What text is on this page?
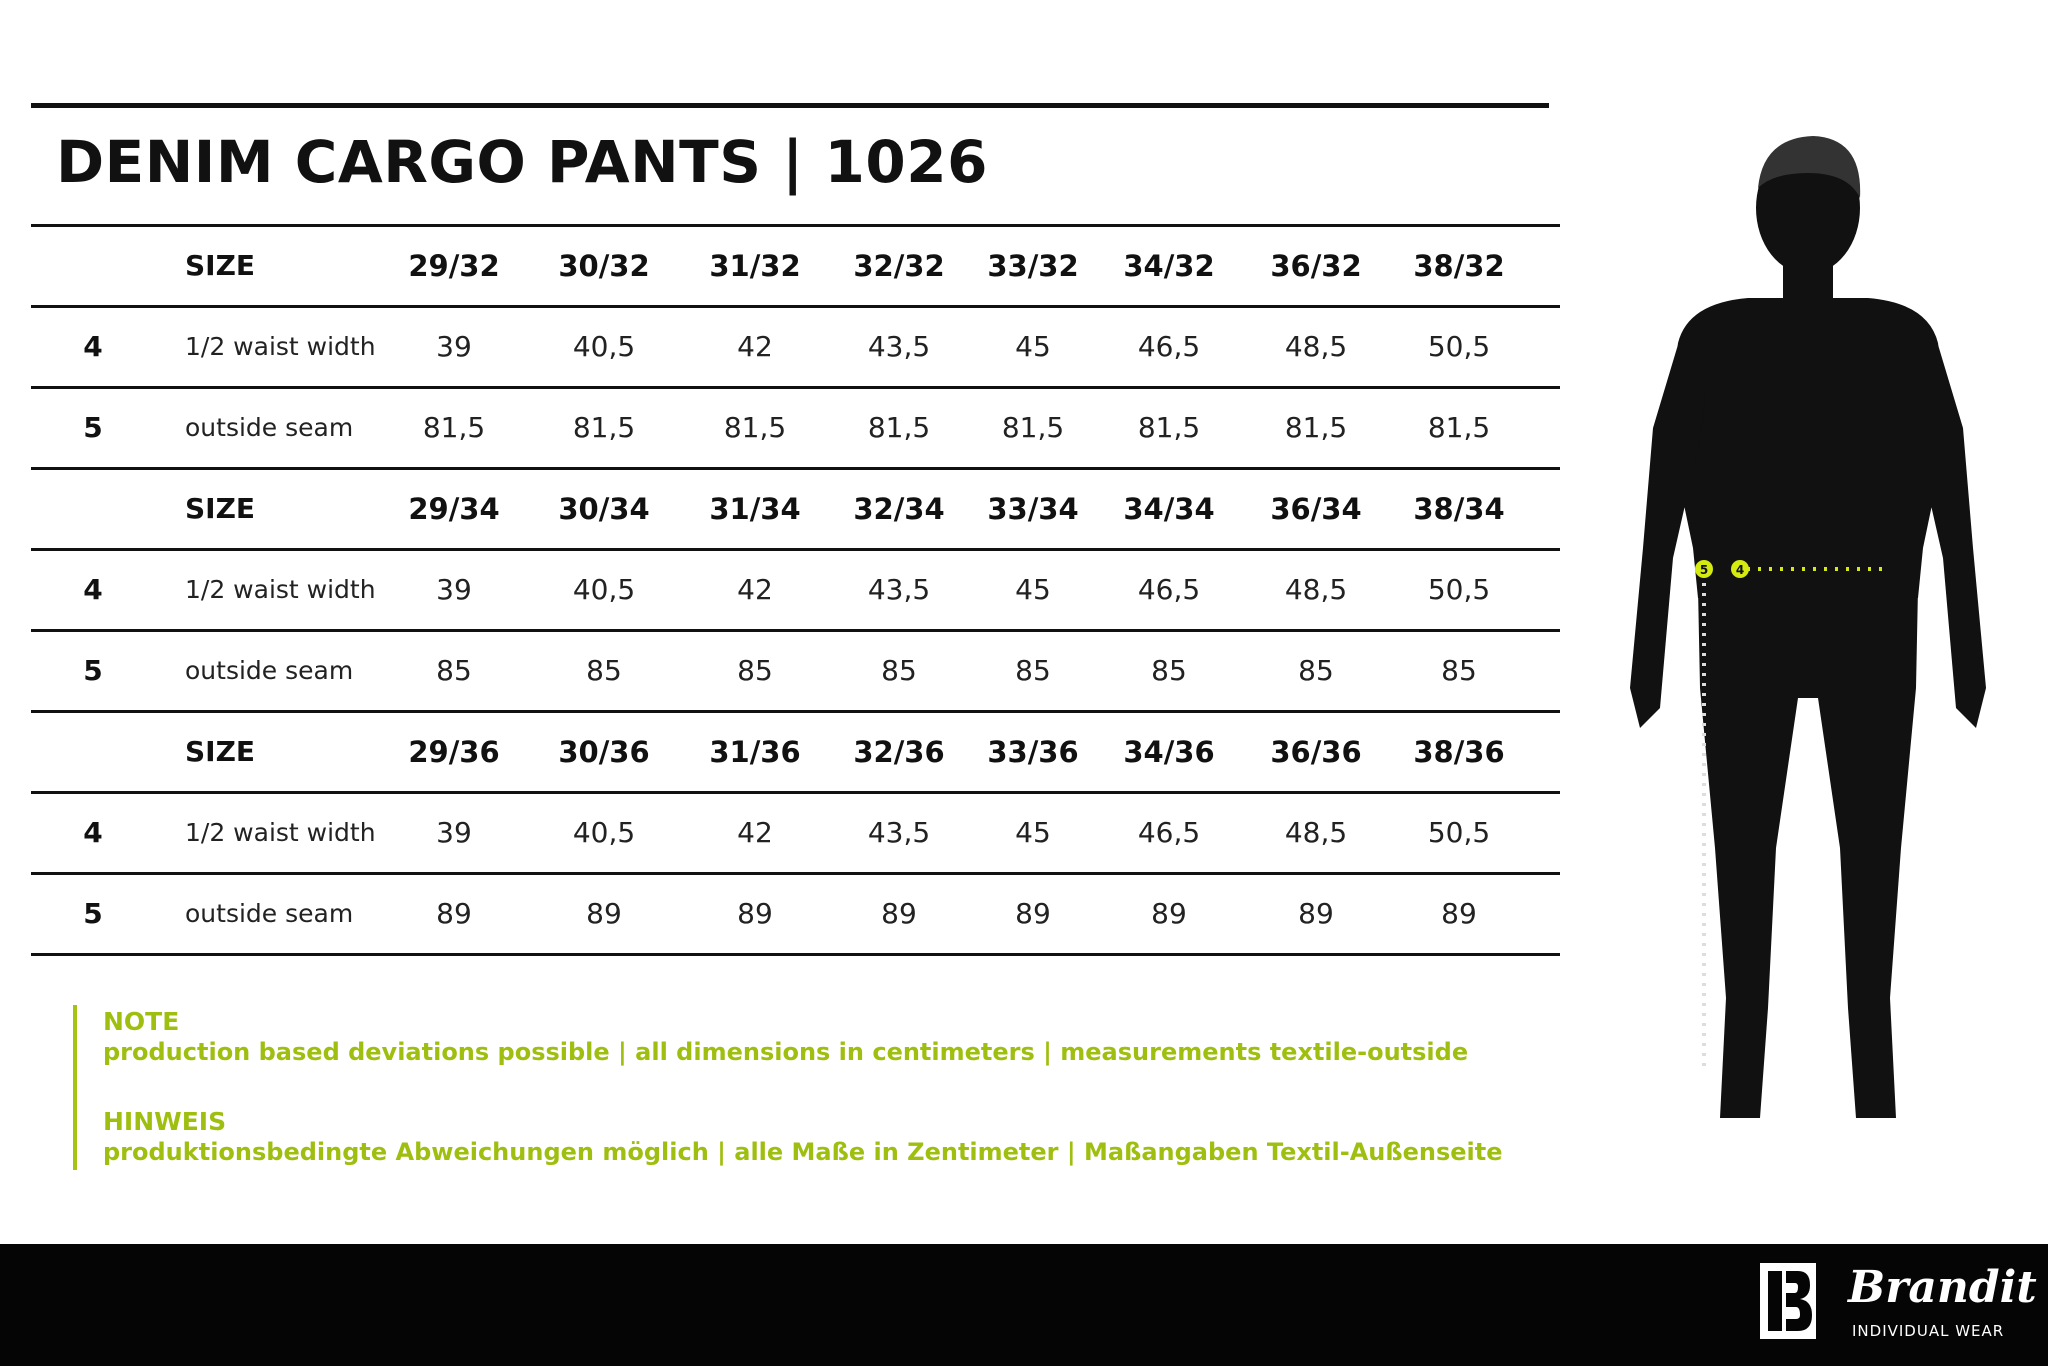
DENIM CARGO PANTS | 1026
SIZE	29/32	30/32	31/32	32/32	33/32	34/32	36/32	38/32
4	1/2 waist width	39	40,5	42	43,5	45	46,5	48,5	50,5
5	outside seam	81,5	81,5	81,5	81,5	81,5	81,5	81,5	81,5
SIZE	29/34	30/34	31/34	32/34	33/34	34/34	36/34	38/34
4	1/2 waist width	39	40,5	42	43,5	45	46,5	48,5	50,5
5	outside seam	85	85	85	85	85	85	85	85
SIZE	29/36	30/36	31/36	32/36	33/36	34/36	36/36	38/36
4	1/2 waist width	39	40,5	42	43,5	45	46,5	48,5	50,5
5	outside seam	89	89	89	89	89	89	89	89
NOTE
production based deviations possible | all dimensions in centimeters | measurements textile-outside
HINWEIS
produktionsbedingte Abweichungen möglich | alle Maße in Zentimeter | Maßangaben Textil-Außenseite
5 4
Brandit
INDIVIDUAL WEAR
